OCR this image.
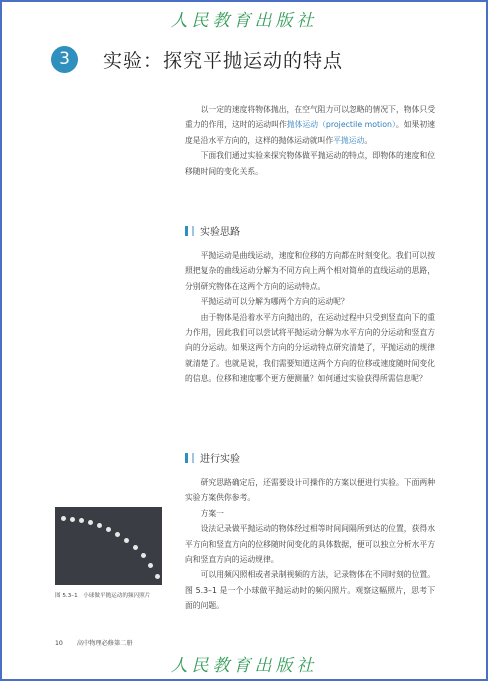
人民教育出版社
3	实验：探究平抛运动的特点

以一定的速度将物体抛出，在空气阻力可以忽略的情况下，物体只受重力的作用，这时的运动叫作抛体运动（projectile motion）。如果初速度是沿水平方向的，这样的抛体运动就叫作平抛运动。

下面我们通过实验来探究物体做平抛运动的特点，即物体的速度和位移随时间的变化关系。

实验思路

平抛运动是曲线运动，速度和位移的方向都在时刻变化。我们可以按照把复杂的曲线运动分解为不同方向上两个相对简单的直线运动的思路，分别研究物体在这两个方向的运动特点。

平抛运动可以分解为哪两个方向的运动呢？

由于物体是沿着水平方向抛出的，在运动过程中只受到竖直向下的重力作用，因此我们可以尝试将平抛运动分解为水平方向的分运动和竖直方向的分运动。如果这两个方向的分运动特点研究清楚了，平抛运动的规律就清楚了。也就是说，我们需要知道这两个方向的位移或速度随时间变化的信息。位移和速度哪个更方便测量？如何通过实验获得所需信息呢？

进行实验

研究思路确定后，还需要设计可操作的方案以便进行实验。下面两种实验方案供你参考。

方案一

设法记录做平抛运动的物体经过相等时间间隔所到达的位置，获得水平方向和竖直方向的位移随时间变化的具体数据，便可以独立分析水平方向和竖直方向的运动规律。

可以用频闪照相或者录制视频的方法，记录物体在不同时刻的位置。图 5.3–1 是一个小球做平抛运动时的频闪照片。观察这幅照片，思考下面的问题。

图 5.3–1　小球做平抛运动的频闪照片
10 高中物理必修第二册
人民教育出版社
